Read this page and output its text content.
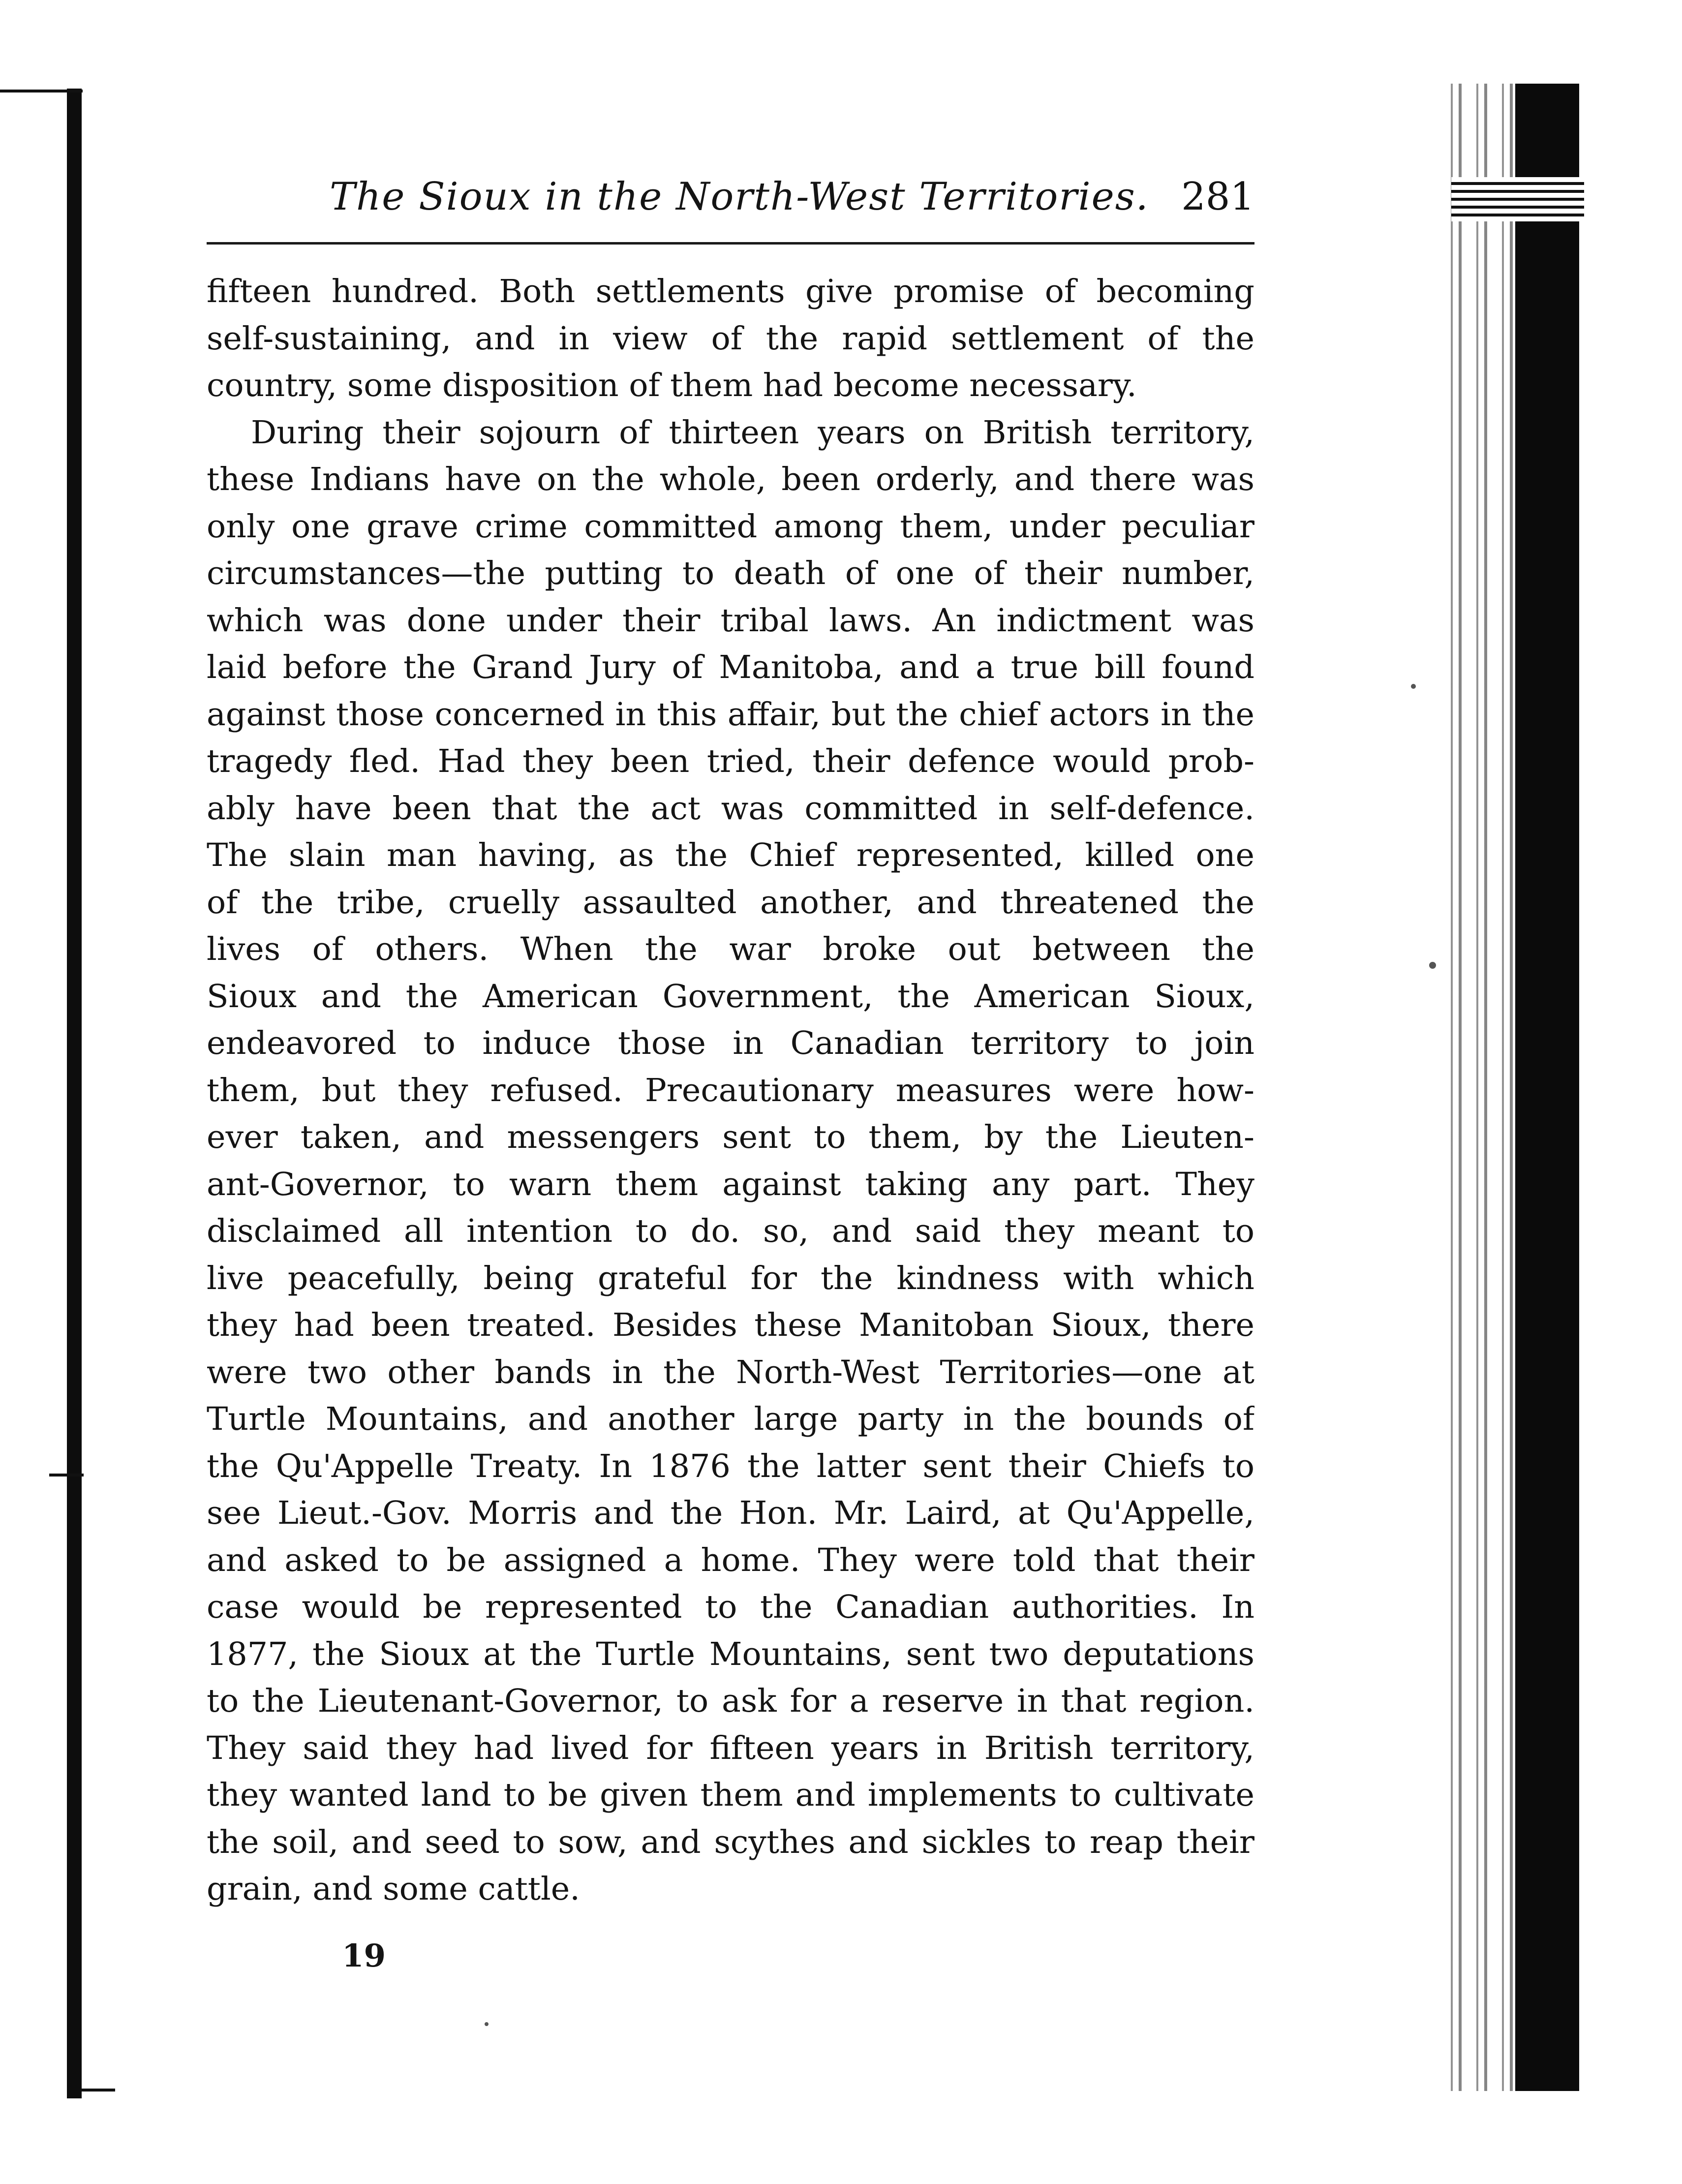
The Sioux in the North-West Territories. 281
fifteen hundred. Both settlements give promise of becoming
self-sustaining, and in view of the rapid settlement of the
country, some disposition of them had become necessary.
During their sojourn of thirteen years on British territory,
these Indians have on the whole, been orderly, and there was
only one grave crime committed among them, under peculiar
circumstances—the putting to death of one of their number,
which was done under their tribal laws. An indictment was
laid before the Grand Jury of Manitoba, and a true bill found
against those concerned in this affair, but the chief actors in the
tragedy fled. Had they been tried, their defence would prob-
ably have been that the act was committed in self-defence.
The slain man having, as the Chief represented, killed one
of the tribe, cruelly assaulted another, and threatened the
lives of others. When the war broke out between the
Sioux and the American Government, the American Sioux,
endeavored to induce those in Canadian territory to join
them, but they refused. Precautionary measures were how-
ever taken, and messengers sent to them, by the Lieuten-
ant-Governor, to warn them against taking any part. They
disclaimed all intention to do. so, and said they meant to
live peacefully, being grateful for the kindness with which
they had been treated. Besides these Manitoban Sioux, there
were two other bands in the North-West Territories—one at
Turtle Mountains, and another large party in the bounds of
the Qu'Appelle Treaty. In 1876 the latter sent their Chiefs to
see Lieut.-Gov. Morris and the Hon. Mr. Laird, at Qu'Appelle,
and asked to be assigned a home. They were told that their
case would be represented to the Canadian authorities. In
1877, the Sioux at the Turtle Mountains, sent two deputations
to the Lieutenant-Governor, to ask for a reserve in that region.
They said they had lived for fifteen years in British territory,
they wanted land to be given them and implements to cultivate
the soil, and seed to sow, and scythes and sickles to reap their
grain, and some cattle.
19
